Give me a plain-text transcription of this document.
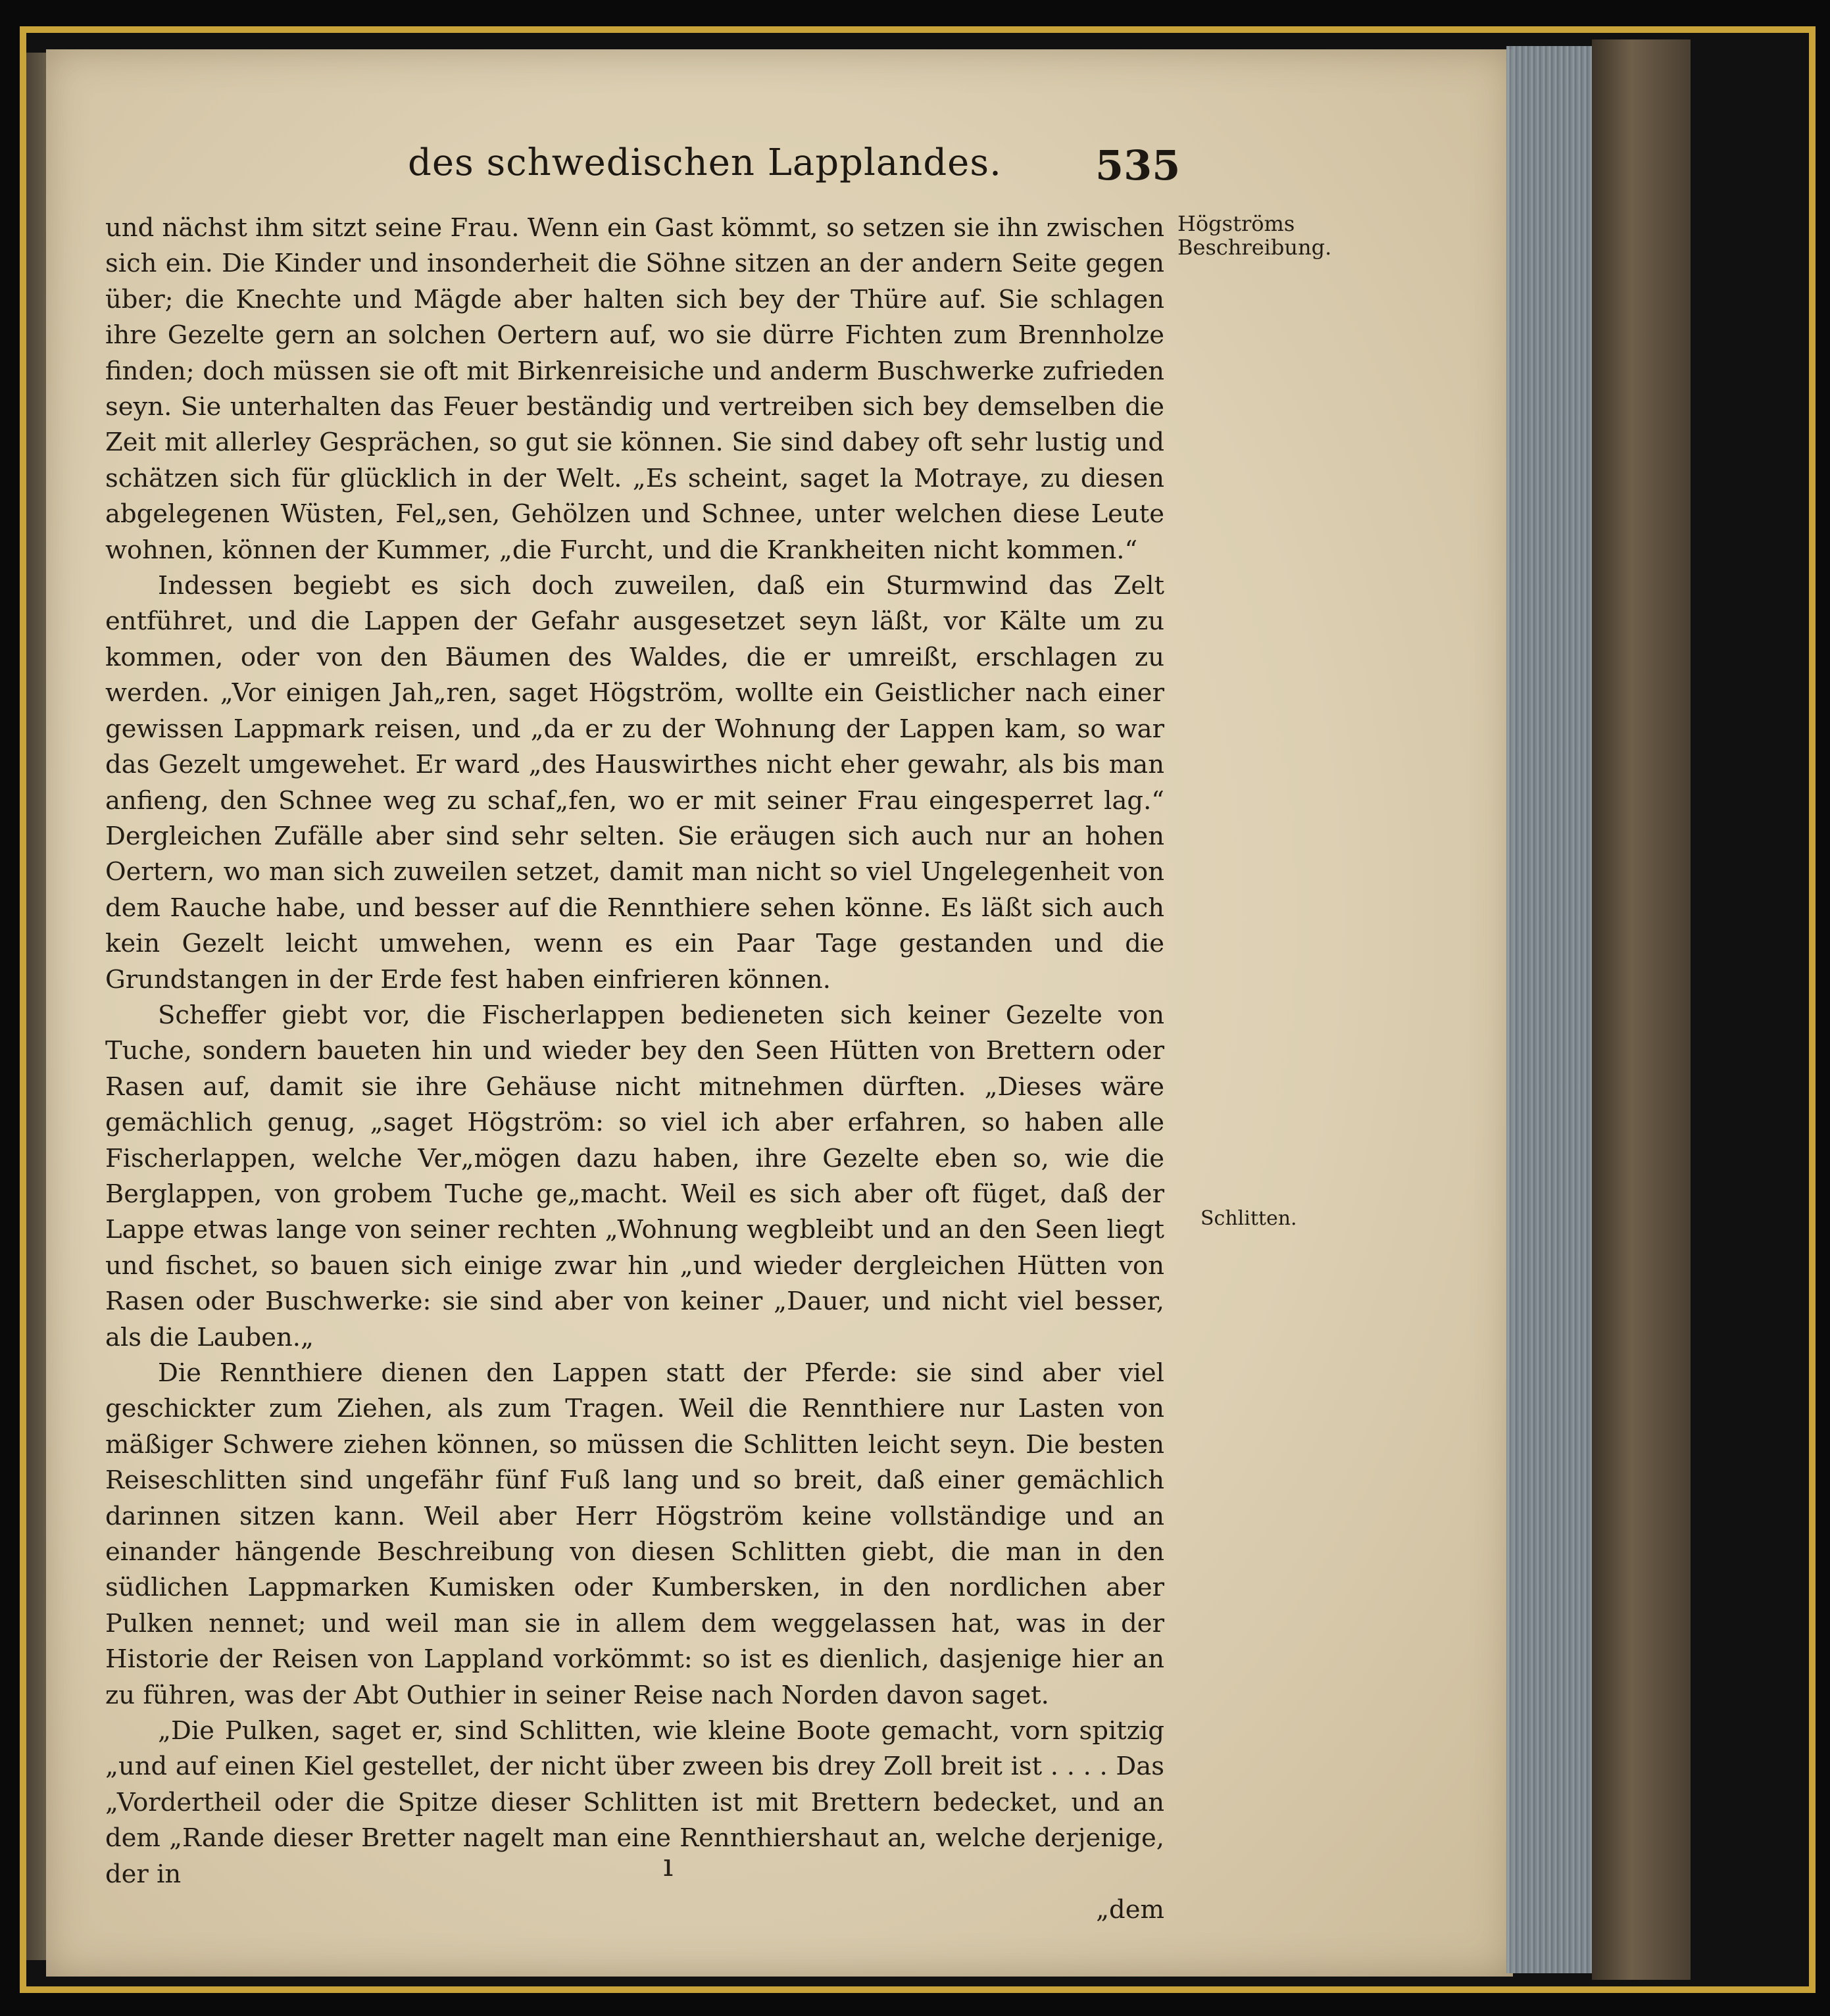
des schwedischen Lapplandes.	535
Högströms Beschreibung.
Schlitten.

und nächst ihm sitzt seine Frau. Wenn ein Gast kömmt, so setzen sie ihn zwischen sich ein. Die Kinder und insonderheit die Söhne sitzen an der andern Seite gegen über; die Knechte und Mägde aber halten sich bey der Thüre auf. Sie schlagen ihre Gezelte gern an solchen Oertern auf, wo sie dürre Fichten zum Brennholze finden; doch müssen sie oft mit Birkenreisiche und anderm Buschwerke zufrieden seyn. Sie unterhalten das Feuer beständig und vertreiben sich bey demselben die Zeit mit allerley Gesprächen, so gut sie können. Sie sind dabey oft sehr lustig und schätzen sich für glücklich in der Welt. „Es scheint, saget la Motraye, zu diesen abgelegenen Wüsten, Fel„sen, Gehölzen und Schnee, unter welchen diese Leute wohnen, können der Kummer, „die Furcht, und die Krankheiten nicht kommen.“

Indessen begiebt es sich doch zuweilen, daß ein Sturmwind das Zelt entführet, und die Lappen der Gefahr ausgesetzet seyn läßt, vor Kälte um zu kommen, oder von den Bäumen des Waldes, die er umreißt, erschlagen zu werden. „Vor einigen Jah„ren, saget Högström, wollte ein Geistlicher nach einer gewissen Lappmark reisen, und „da er zu der Wohnung der Lappen kam, so war das Gezelt umgewehet. Er ward „des Hauswirthes nicht eher gewahr, als bis man anfieng, den Schnee weg zu schaf„fen, wo er mit seiner Frau eingesperret lag.“ Dergleichen Zufälle aber sind sehr selten. Sie eräugen sich auch nur an hohen Oertern, wo man sich zuweilen setzet, damit man nicht so viel Ungelegenheit von dem Rauche habe, und besser auf die Rennthiere sehen könne. Es läßt sich auch kein Gezelt leicht umwehen, wenn es ein Paar Tage gestanden und die Grundstangen in der Erde fest haben einfrieren können.

Scheffer giebt vor, die Fischerlappen bedieneten sich keiner Gezelte von Tuche, sondern baueten hin und wieder bey den Seen Hütten von Brettern oder Rasen auf, damit sie ihre Gehäuse nicht mitnehmen dürften. „Dieses wäre gemächlich genug, „saget Högström: so viel ich aber erfahren, so haben alle Fischerlappen, welche Ver„mögen dazu haben, ihre Gezelte eben so, wie die Berglappen, von grobem Tuche ge„macht. Weil es sich aber oft füget, daß der Lappe etwas lange von seiner rechten „Wohnung wegbleibt und an den Seen liegt und fischet, so bauen sich einige zwar hin „und wieder dergleichen Hütten von Rasen oder Buschwerke: sie sind aber von keiner „Dauer, und nicht viel besser, als die Lauben.„

Die Rennthiere dienen den Lappen statt der Pferde: sie sind aber viel geschickter zum Ziehen, als zum Tragen. Weil die Rennthiere nur Lasten von mäßiger Schwere ziehen können, so müssen die Schlitten leicht seyn. Die besten Reiseschlitten sind ungefähr fünf Fuß lang und so breit, daß einer gemächlich darinnen sitzen kann. Weil aber Herr Högström keine vollständige und an einander hängende Beschreibung von diesen Schlitten giebt, die man in den südlichen Lappmarken Kumisken oder Kumbersken, in den nordlichen aber Pulken nennet; und weil man sie in allem dem weggelassen hat, was in der Historie der Reisen von Lappland vorkömmt: so ist es dienlich, dasjenige hier an zu führen, was der Abt Outhier in seiner Reise nach Norden davon saget.

„Die Pulken, saget er, sind Schlitten, wie kleine Boote gemacht, vorn spitzig „und auf einen Kiel gestellet, der nicht über zween bis drey Zoll breit ist . . . . Das „Vordertheil oder die Spitze dieser Schlitten ist mit Brettern bedecket, und an dem „Rande dieser Bretter nagelt man eine Rennthiershaut an, welche derjenige, der in

„dem

ı
